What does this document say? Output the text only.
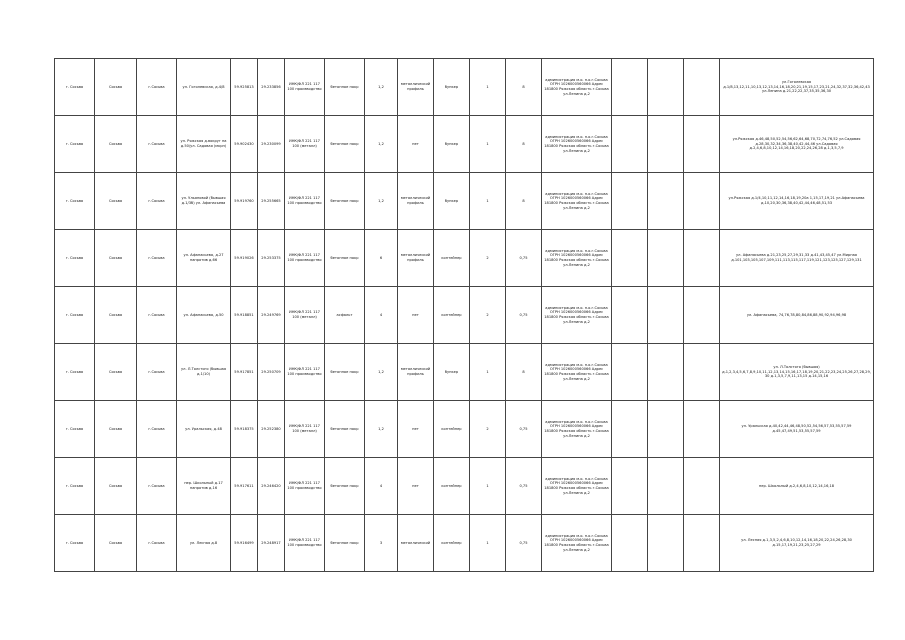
г. Сосьва	Сосьва	г.Сосьва	ул. Гоголевская, д.4/8	59.925813	29.233856	ИНК/ФЛ 221 117 100 производство	бетонное покр	1,2	металлический профиль	бункер	1	8	администрация м.о. п.о.г.Сосьва ОГРН 1026000560066 Адрес 181800 Ряжская область г.Сосьва ул.Ленина д.2				ул.Гоголевская д.1/8,13,12,11,10,13,12,13,14,16,18,20,21,19,15,17,23,21,24,32,37,32,36,42,43 ул.Ленина д.21,22,22,37,35,35,36,30
г. Сосьва	Сосьва	г.Сосьва	ул. Ряжская д.вокруг на д.50/ул. Садовая (мкрн)	59.902430	29.230099	ИНК/ФЛ 221 117 100 (металл)	бетонное покр	1,2	нет	бункер	1	8	администрация м.о. п.о.г.Сосьва ОГРН 1026000560066 Адрес 181800 Ряжская область г.Сосьва ул.Ленина д.2				ул.Ряжская д.46,48,50,52,54,56,62,64,68,70,72,74,76,52 ул.Садовая д.28,30,32,34,36,38,40,42,44,46 ул.Садовая д.2,4,6,8,10,12,14,16,18,20,22,24,26,28 д.1,3,5,7,9
г. Сосьва	Сосьва	г.Сосьва	ул. Ульяновой (бывшая д.1/3б) ул. Афанасьева	59.919760	29.255665	ИНК/ФЛ 221 117 100 производство	бетонное покр	1,2	металлический профиль	бункер	1	8	администрация м.о. п.о.г.Сосьва ОГРН 1026000560066 Адрес 181800 Ряжская область г.Сосьва ул.Ленина д.2				ул.Ряжская д.1/4,10,11,12,14,16,18,19,20а 1,15,17,19,21 ул.Афанасьева д.10,20,30,36,38,40,42,44,46,48,51,53
г. Сосьва	Сосьва	г.Сосьва	ул. Афанасьева, д.27 напротив д.66	59.919026	29.253375	ИНК/ФЛ 221 117 100 производство	бетонное покр	6	металлический профиль	контейнер	2	0,75	администрация м.о. п.о.г.Сосьва ОГРН 1026000560066 Адрес 181800 Ряжская область г.Сосьва ул.Ленина д.2				ул. Афанасьева д.21,23,25,27,29,31,33 д.41,43,45,47 ул.Мирная д.101,103,105,107,109,111,113,115,117,119,121,123,125,127,129,131
г. Сосьва	Сосьва	г.Сосьва	ул. Афанасьева, д.50	59.918851	29.249769	ИНК/ФЛ 221 117 100 (металл)	асфальт	4	нет	контейнер	2	0,75	администрация м.о. п.о.г.Сосьва ОГРН 1026000560066 Адрес 181800 Ряжская область г.Сосьва ул.Ленина д.2				ул. Афанасьева, 74,76,78,80,84,86,88,90,92,94,96,98
г. Сосьва	Сосьва	г.Сосьва	ул. Л.Толстого (бывшая д.1/10)	59.917851	29.250709	ИНК/ФЛ 221 117 100 производство	бетонное покр	1,2	металлический профиль	бункер	1	8	администрация м.о. п.о.г.Сосьва ОГРН 1026000560066 Адрес 181800 Ряжская область г.Сосьва ул.Ленина д.2				ул. Л.Толстого (бывшая) д.1,2,3,4,5,6,7,8,9,10,11,12,13,14,15,16,17,18,19,20,21,22,23,24,25,26,27,28,29,30 д.1,3,5,7,9,11,13,15 д.14,15,16
г. Сосьва	Сосьва	г.Сосьва	ул. Уральская, д.48	59.918375	29.252380	ИНК/ФЛ 221 117 100 (металл)	бетонное покр	1,2	нет	контейнер	2	0,75	администрация м.о. п.о.г.Сосьва ОГРН 1026000560066 Адрес 181800 Ряжская область г.Сосьва ул.Ленина д.2				ул. Уральская д.40,42,44,46,48,50,52,54,56,57,53,55,57,59 д.45,47,49,51,53,55,57,59
г. Сосьва	Сосьва	г.Сосьва	пер. Школьный д.17 напротив д.16	59.917611	29.246420	ИНК/ФЛ 221 117 100 производство	бетонное покр	4	нет	контейнер	1	0,75	администрация м.о. п.о.г.Сосьва ОГРН 1026000560066 Адрес 181800 Ряжская область г.Сосьва ул.Ленина д.2				пер. Школьный д.2,4,6,8,10,12,14,16,18
г. Сосьва	Сосьва	г.Сосьва	ул. Лесная д.8	59.916499	29.248917	ИНК/ФЛ 221 117 100 производство	бетонное покр	3	металлический	контейнер	1	0,75	администрация м.о. п.о.г.Сосьва ОГРН 1026000560066 Адрес 181800 Ряжская область г.Сосьва ул.Ленина д.2				ул. Лесная д.1,3,5,2,4,6,8,10,12,14,16,18,20,22,24,26,28,30 д.15,17,19,21,23,25,27,29
